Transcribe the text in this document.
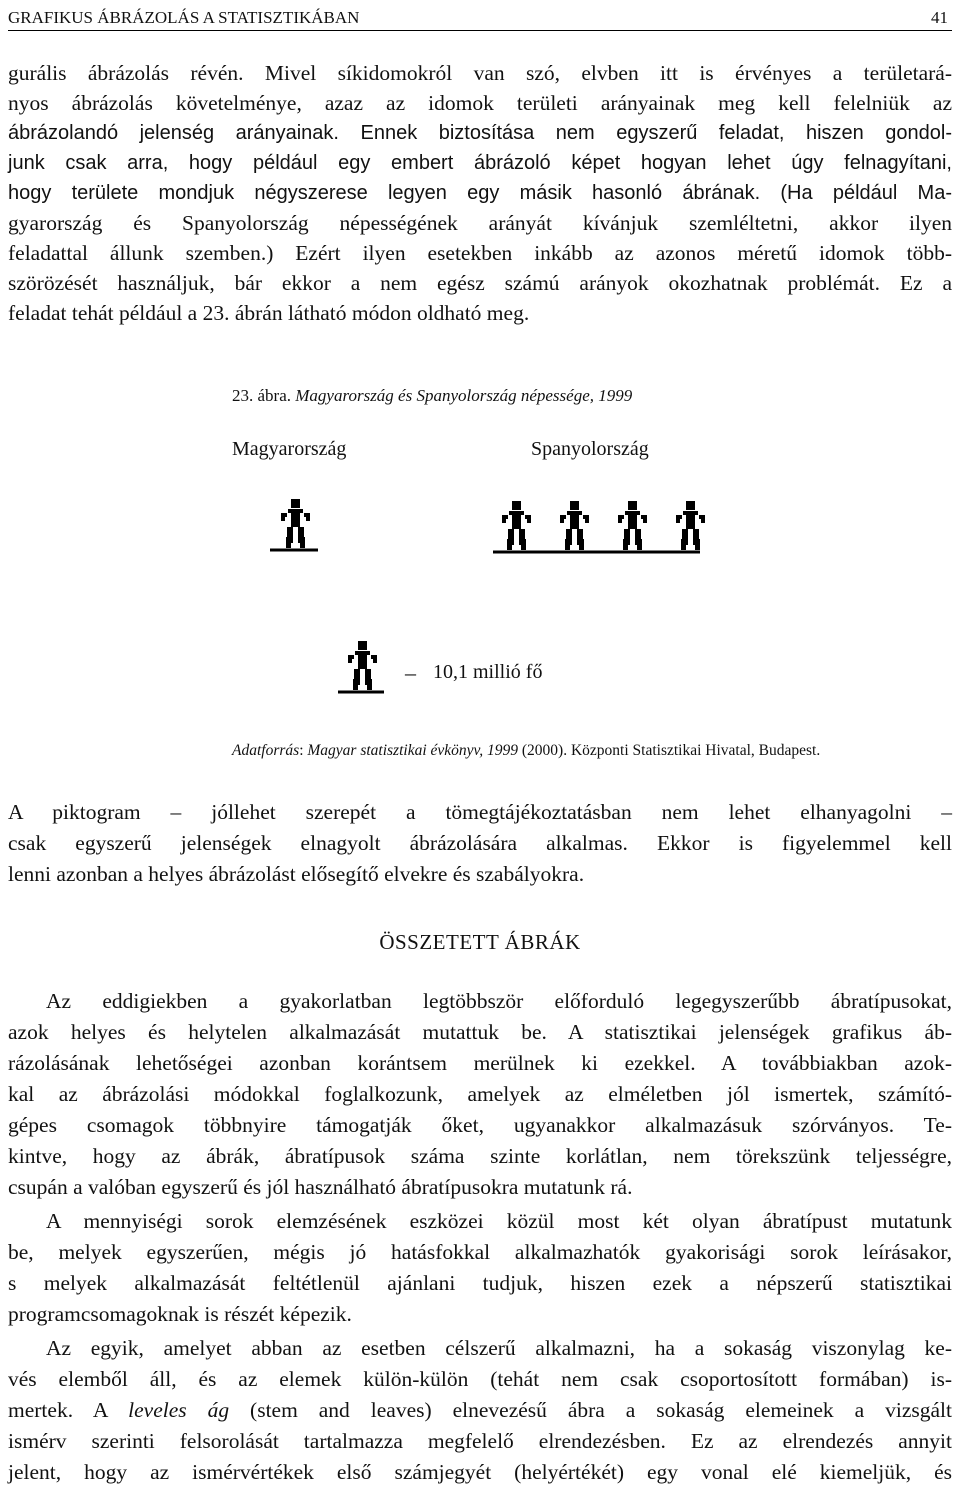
GRAFIKUS ÁBRÁZOLÁS A STATISZTIKÁBAN	41
gurális ábrázolás révén. Mivel síkidomokról van szó, elvben itt is érvényes a területará-
nyos ábrázolás követelménye, azaz az idomok területi arányainak meg kell felelniük az
ábrázolandó jelenség arányainak. Ennek biztosítása nem egyszerű feladat, hiszen gondol-
junk csak arra, hogy például egy embert ábrázoló képet hogyan lehet úgy felnagyítani,
hogy területe mondjuk négyszerese legyen egy másik hasonló ábrának. (Ha például Ma-
gyarország és Spanyolország népességének arányát kívánjuk szemléltetni, akkor ilyen
feladattal állunk szemben.) Ezért ilyen esetekben inkább az azonos méretű idomok több-
szörözését használjuk, bár ekkor a nem egész számú arányok okozhatnak problémát. Ez a
feladat tehát például a 23. ábrán látható módon oldható meg.
23. ábra. Magyarország és Spanyolország népessége, 1999
Magyarország	Spanyolország
– 10,1 millió fő
Adatforrás: Magyar statisztikai évkönyv, 1999 (2000). Központi Statisztikai Hivatal, Budapest.
A piktogram – jóllehet szerepét a tömegtájékoztatásban nem lehet elhanyagolni –
csak egyszerű jelenségek elnagyolt ábrázolására alkalmas. Ekkor is figyelemmel kell
lenni azonban a helyes ábrázolást elősegítő elvekre és szabályokra.
ÖSSZETETT ÁBRÁK
Az eddigiekben a gyakorlatban legtöbbször előforduló legegyszerűbb ábratípusokat,
azok helyes és helytelen alkalmazását mutattuk be. A statisztikai jelenségek grafikus áb-
rázolásának lehetőségei azonban korántsem merülnek ki ezekkel. A továbbiakban azok-
kal az ábrázolási módokkal foglalkozunk, amelyek az elméletben jól ismertek, számító-
gépes csomagok többnyire támogatják őket, ugyanakkor alkalmazásuk szórványos. Te-
kintve, hogy az ábrák, ábratípusok száma szinte korlátlan, nem törekszünk teljességre,
csupán a valóban egyszerű és jól használható ábratípusokra mutatunk rá.
A mennyiségi sorok elemzésének eszközei közül most két olyan ábratípust mutatunk
be, melyek egyszerűen, mégis jó hatásfokkal alkalmazhatók gyakorisági sorok leírásakor,
s melyek alkalmazását feltétlenül ajánlani tudjuk, hiszen ezek a népszerű statisztikai
programcsomagoknak is részét képezik.
Az egyik, amelyet abban az esetben célszerű alkalmazni, ha a sokaság viszonylag ke-
vés elemből áll, és az elemek külön-külön (tehát nem csak csoportosított formában) is-
mertek. A leveles ág (stem and leaves) elnevezésű ábra a sokaság elemeinek a vizsgált
ismérv szerinti felsorolását tartalmazza megfelelő elrendezésben. Ez az elrendezés annyit
jelent, hogy az ismérvértékek első számjegyét (helyértékét) egy vonal elé kiemeljük, és
